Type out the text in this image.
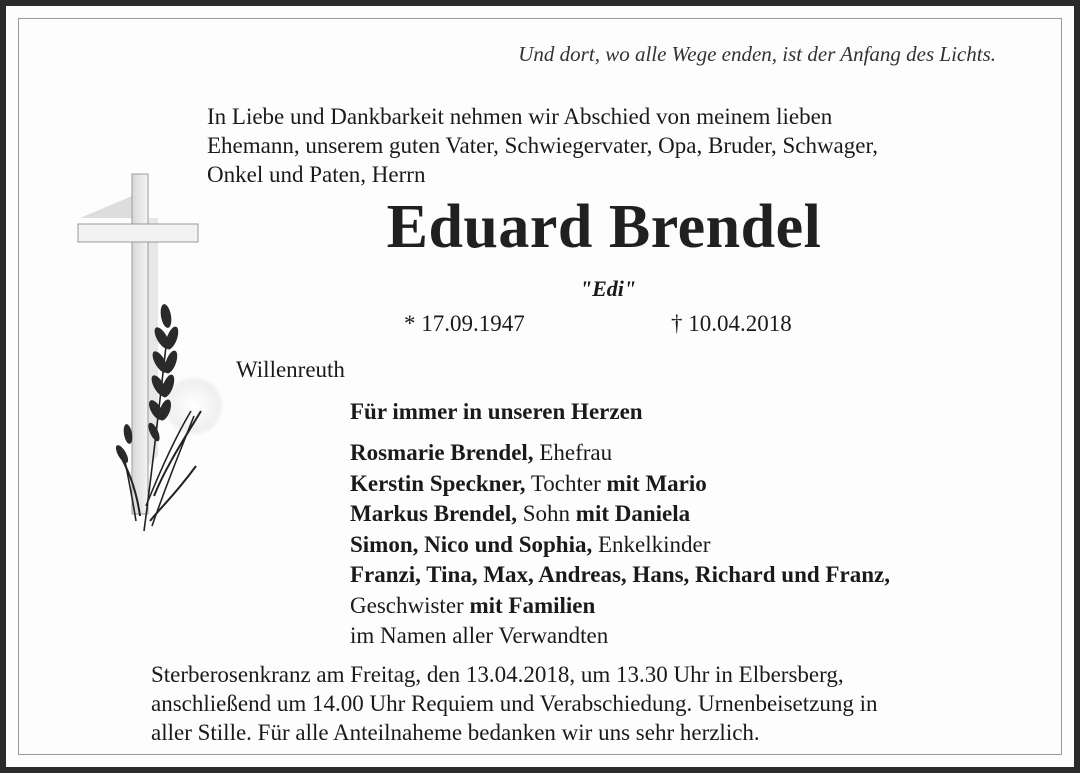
Und dort, wo alle Wege enden, ist der Anfang des Lichts.
In Liebe und Dankbarkeit nehmen wir Abschied von meinem lieben
Ehemann, unserem guten Vater, Schwiegervater, Opa, Bruder, Schwager,
Onkel und Paten, Herrn
Eduard Brendel
"Edi"
* 17.09.1947	† 10.04.2018
Willenreuth
Für immer in unseren Herzen
Rosmarie Brendel, Ehefrau
Kerstin Speckner, Tochter mit Mario
Markus Brendel, Sohn mit Daniela
Simon, Nico und Sophia, Enkelkinder
Franzi, Tina, Max, Andreas, Hans, Richard und Franz,
Geschwister mit Familien
im Namen aller Verwandten
Sterberosenkranz am Freitag, den 13.04.2018, um 13.30 Uhr in Elbersberg,
anschließend um 14.00 Uhr Requiem und Verabschiedung. Urnenbeisetzung in
aller Stille. Für alle Anteilnaheme bedanken wir uns sehr herzlich.
